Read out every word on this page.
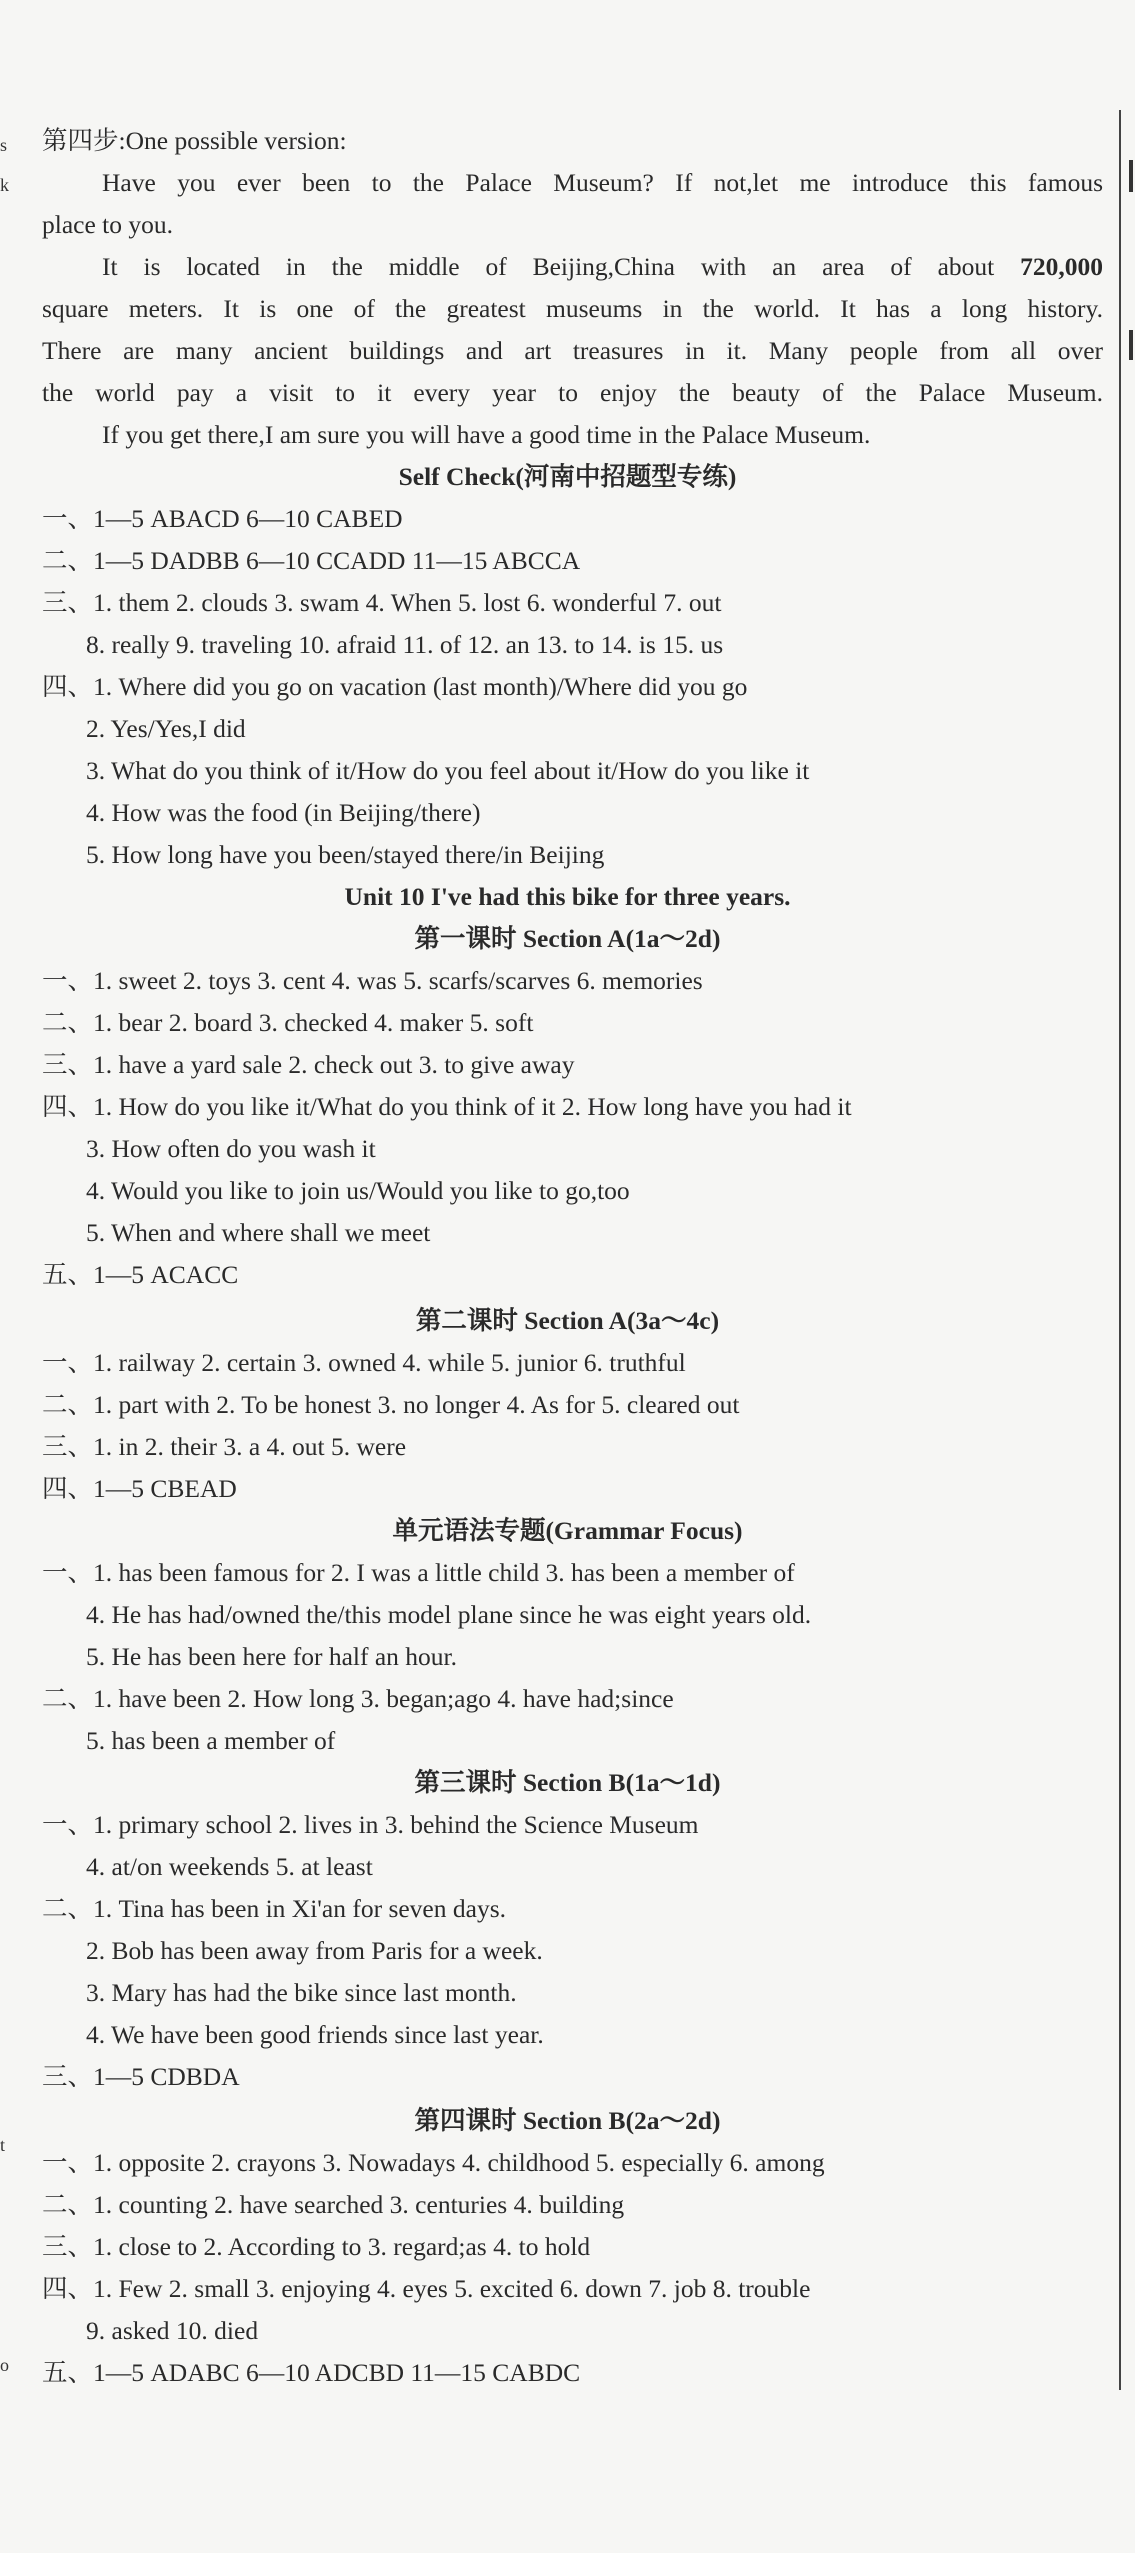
第四步:One possible version:
Have you ever been to the Palace Museum? If not,let me introduce this famous
place to you.
It is located in the middle of Beijing,China with an area of about 720,000
square meters. It is one of the greatest museums in the world. It has a long history.
There are many ancient buildings and art treasures in it. Many people from all over
the world pay a visit to it every year to enjoy the beauty of the Palace Museum.
If you get there,I am sure you will have a good time in the Palace Museum.
Self Check(河南中招题型专练)
一、1—5 ABACD 6—10 CABED
二、1—5 DADBB 6—10 CCADD 11—15 ABCCA
三、1. them 2. clouds 3. swam 4. When 5. lost 6. wonderful 7. out
8. really 9. traveling 10. afraid 11. of 12. an 13. to 14. is 15. us
四、1. Where did you go on vacation (last month)/Where did you go
2. Yes/Yes,I did
3. What do you think of it/How do you feel about it/How do you like it
4. How was the food (in Beijing/there)
5. How long have you been/stayed there/in Beijing
Unit 10 I've had this bike for three years.
第一课时 Section A(1a～2d)
一、1. sweet 2. toys 3. cent 4. was 5. scarfs/scarves 6. memories
二、1. bear 2. board 3. checked 4. maker 5. soft
三、1. have a yard sale 2. check out 3. to give away
四、1. How do you like it/What do you think of it 2. How long have you had it
3. How often do you wash it
4. Would you like to join us/Would you like to go,too
5. When and where shall we meet
五、1—5 ACACC
第二课时 Section A(3a～4c)
一、1. railway 2. certain 3. owned 4. while 5. junior 6. truthful
二、1. part with 2. To be honest 3. no longer 4. As for 5. cleared out
三、1. in 2. their 3. a 4. out 5. were
四、1—5 CBEAD
单元语法专题(Grammar Focus)
一、1. has been famous for 2. I was a little child 3. has been a member of
4. He has had/owned the/this model plane since he was eight years old.
5. He has been here for half an hour.
二、1. have been 2. How long 3. began;ago 4. have had;since
5. has been a member of
第三课时 Section B(1a～1d)
一、1. primary school 2. lives in 3. behind the Science Museum
4. at/on weekends 5. at least
二、1. Tina has been in Xi'an for seven days.
2. Bob has been away from Paris for a week.
3. Mary has had the bike since last month.
4. We have been good friends since last year.
三、1—5 CDBDA
第四课时 Section B(2a～2d)
一、1. opposite 2. crayons 3. Nowadays 4. childhood 5. especially 6. among
二、1. counting 2. have searched 3. centuries 4. building
三、1. close to 2. According to 3. regard;as 4. to hold
四、1. Few 2. small 3. enjoying 4. eyes 5. excited 6. down 7. job 8. trouble
9. asked 10. died
五、1—5 ADABC 6—10 ADCBD 11—15 CABDC
s
k
t
o
